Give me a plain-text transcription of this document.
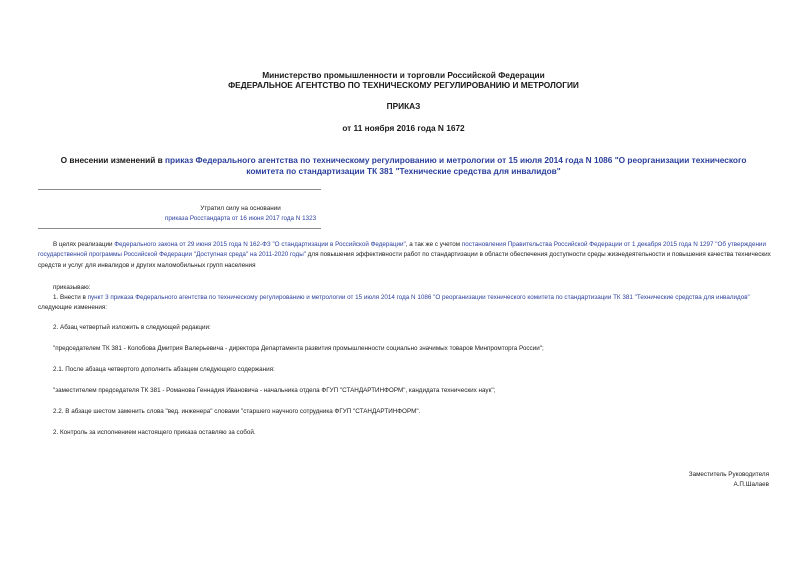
Министерство промышленности и торговли Российской Федерации
ФЕДЕРАЛЬНОЕ АГЕНТСТВО ПО ТЕХНИЧЕСКОМУ РЕГУЛИРОВАНИЮ И МЕТРОЛОГИИ
ПРИКАЗ
от 11 ноября 2016 года N 1672
О внесении изменений в приказ Федерального агентства по техническому регулированию и метрологии от 15 июля 2014 года N 1086 "О реорганизации технического комитета по стандартизации ТК 381 "Технические средства для инвалидов"
Утратил силу на основании
приказа Росстандарта от 16 июня 2017 года N 1323
В целях реализации Федерального закона от 29 июня 2015 года N 162-ФЗ "О стандартизации в Российской Федерации", а так же с учетом постановления Правительства Российской Федерации от 1 декабря 2015 года N 1297 "Об утверждении государственной программы Российской Федерации "Доступная среда" на 2011-2020 годы" для повышения эффективности работ по стандартизации в области обеспечения доступности среды жизнедеятельности и повышения качества технических средств и услуг для инвалидов и других маломобильных групп населения
приказываю:
1. Внести в пункт 3 приказа Федерального агентства по техническому регулированию и метрологии от 15 июля 2014 года N 1086 "О реорганизации технического комитета по стандартизации ТК 381 "Технические средства для инвалидов" следующие изменения:
2. Абзац четвертый изложить в следующей редакции:
"председателем ТК 381 - Колобова Дмитрия Валерьевича - директора Департамента развития промышленности социально значимых товаров Минпромторга России";
2.1. После абзаца четвертого дополнить абзацем следующего содержания:
"заместителем председателя ТК 381 - Романова Геннадия Ивановича - начальника отдела ФГУП "СТАНДАРТИНФОРМ", кандидата технических наук";
2.2. В абзаце шестом заменить слова "вед. инженера" словами "старшего научного сотрудника ФГУП "СТАНДАРТИНФОРМ".
2. Контроль за исполнением настоящего приказа оставляю за собой.
Заместитель Руководителя
А.П.Шалаев
